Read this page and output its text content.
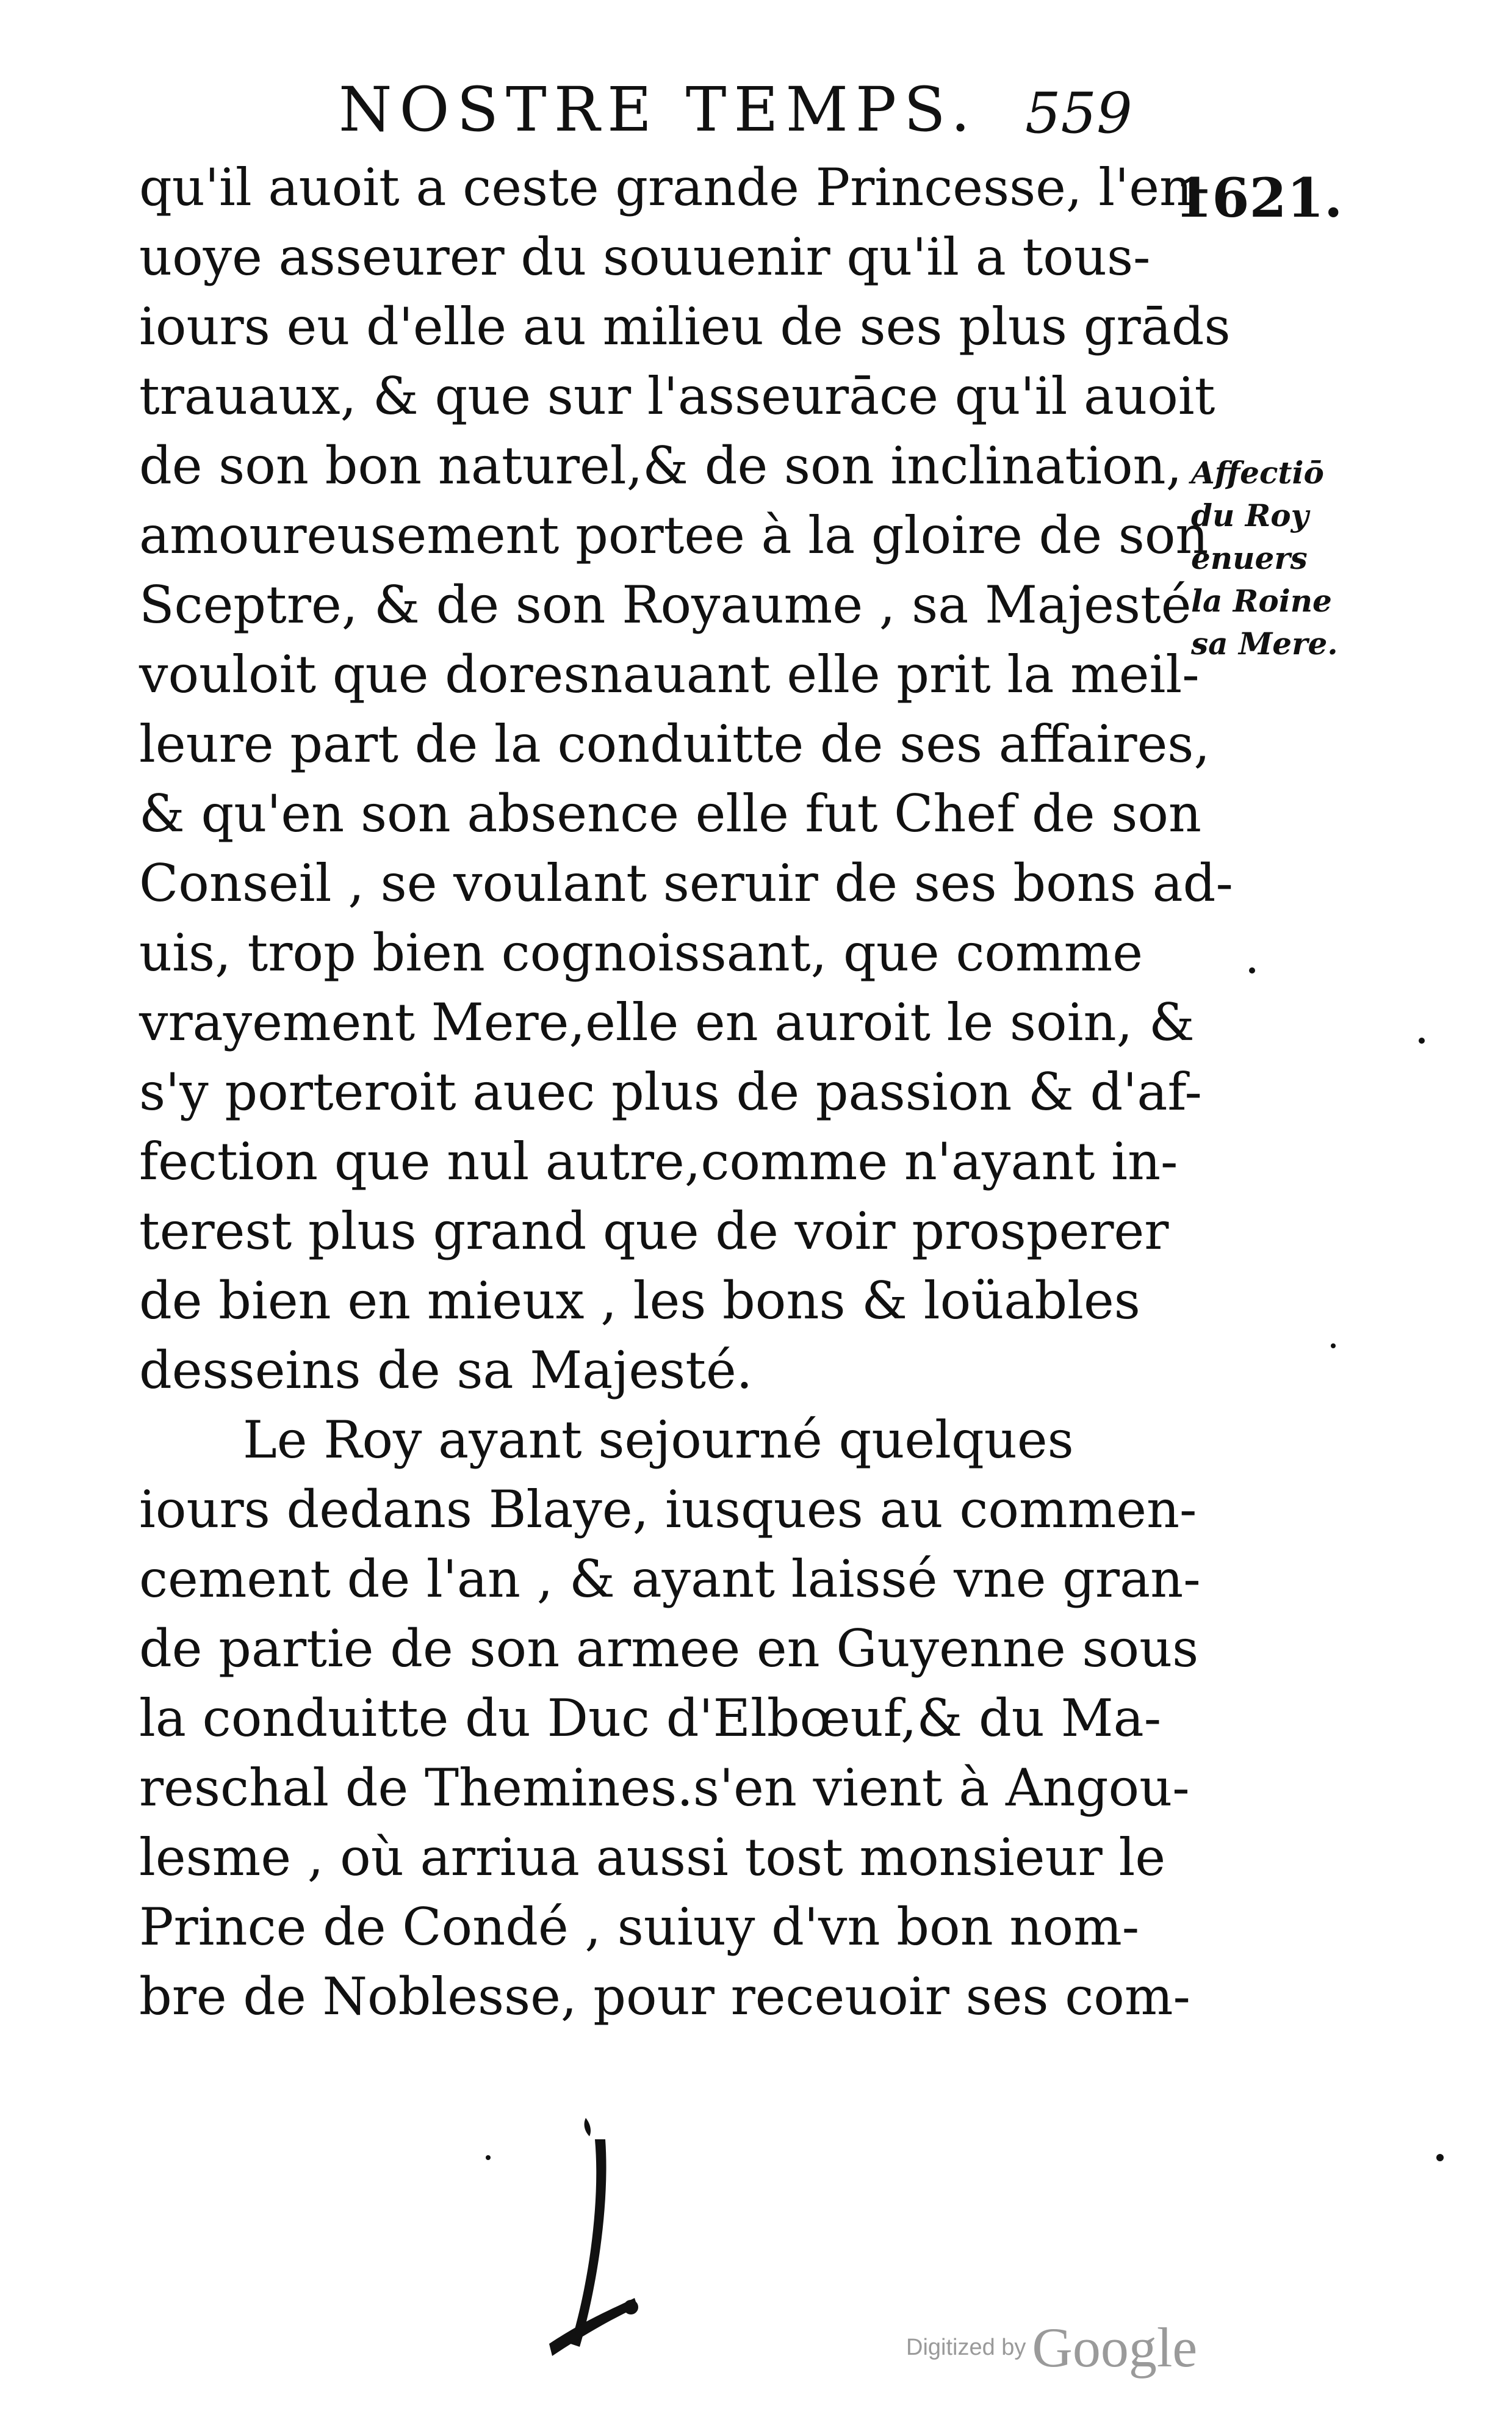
NOSTRE TEMPS. 559
1621.
Affectiō
du Roy
enuers
la Roine
sa Mere.
qu'il auoit a ceste grande Princesse, l'en-
uoye asseurer du souuenir qu'il a tous-
iours eu d'elle au milieu de ses plus grāds
trauaux, & que sur l'asseurāce qu'il auoit
de son bon naturel,& de son inclination,
amoureusement portee à la gloire de son
Sceptre, & de son Royaume , sa Majesté
vouloit que doresnauant elle prit la meil-
leure part de la conduitte de ses affaires,
& qu'en son absence elle fut Chef de son
Conseil , se voulant seruir de ses bons ad-
uis, trop bien cognoissant, que comme
vrayement Mere,elle en auroit le soin, &
s'y porteroit auec plus de passion & d'af-
fection que nul autre,comme n'ayant in-
terest plus grand que de voir prosperer
de bien en mieux , les bons & loüables
desseins de sa Majesté.
Le Roy ayant sejourné quelques
iours dedans Blaye, iusques au commen-
cement de l'an , & ayant laissé vne gran-
de partie de son armee en Guyenne sous
la conduitte du Duc d'Elbœuf,& du Ma-
reschal de Themines.s'en vient à Angou-
lesme , où arriua aussi tost monsieur le
Prince de Condé , suiuy d'vn bon nom-
bre de Noblesse, pour receuoir ses com-
Digitized by Google
